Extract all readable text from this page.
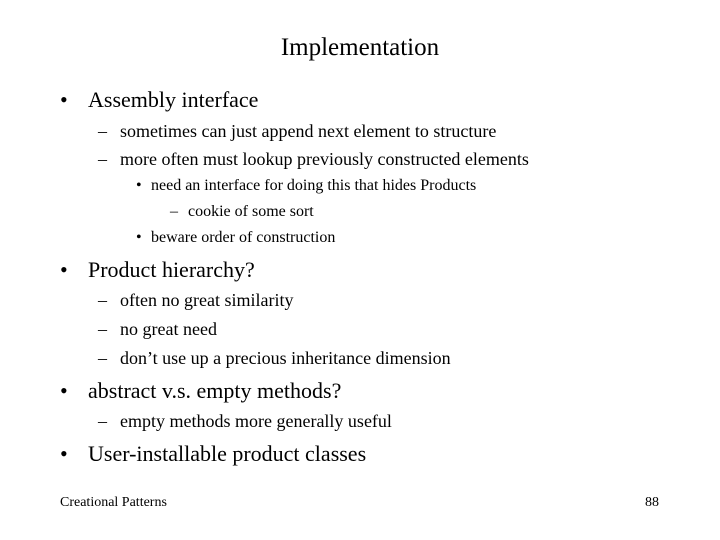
Implementation
• Assembly interface
– sometimes can just append next element to structure
– more often must lookup previously constructed elements
• need an interface for doing this that hides Products
– cookie of some sort
• beware order of construction
• Product hierarchy?
– often no great similarity
– no great need
– don’t use up a precious inheritance dimension
• abstract v.s. empty methods?
– empty methods more generally useful
• User-installable product classes
Creational Patterns	88
